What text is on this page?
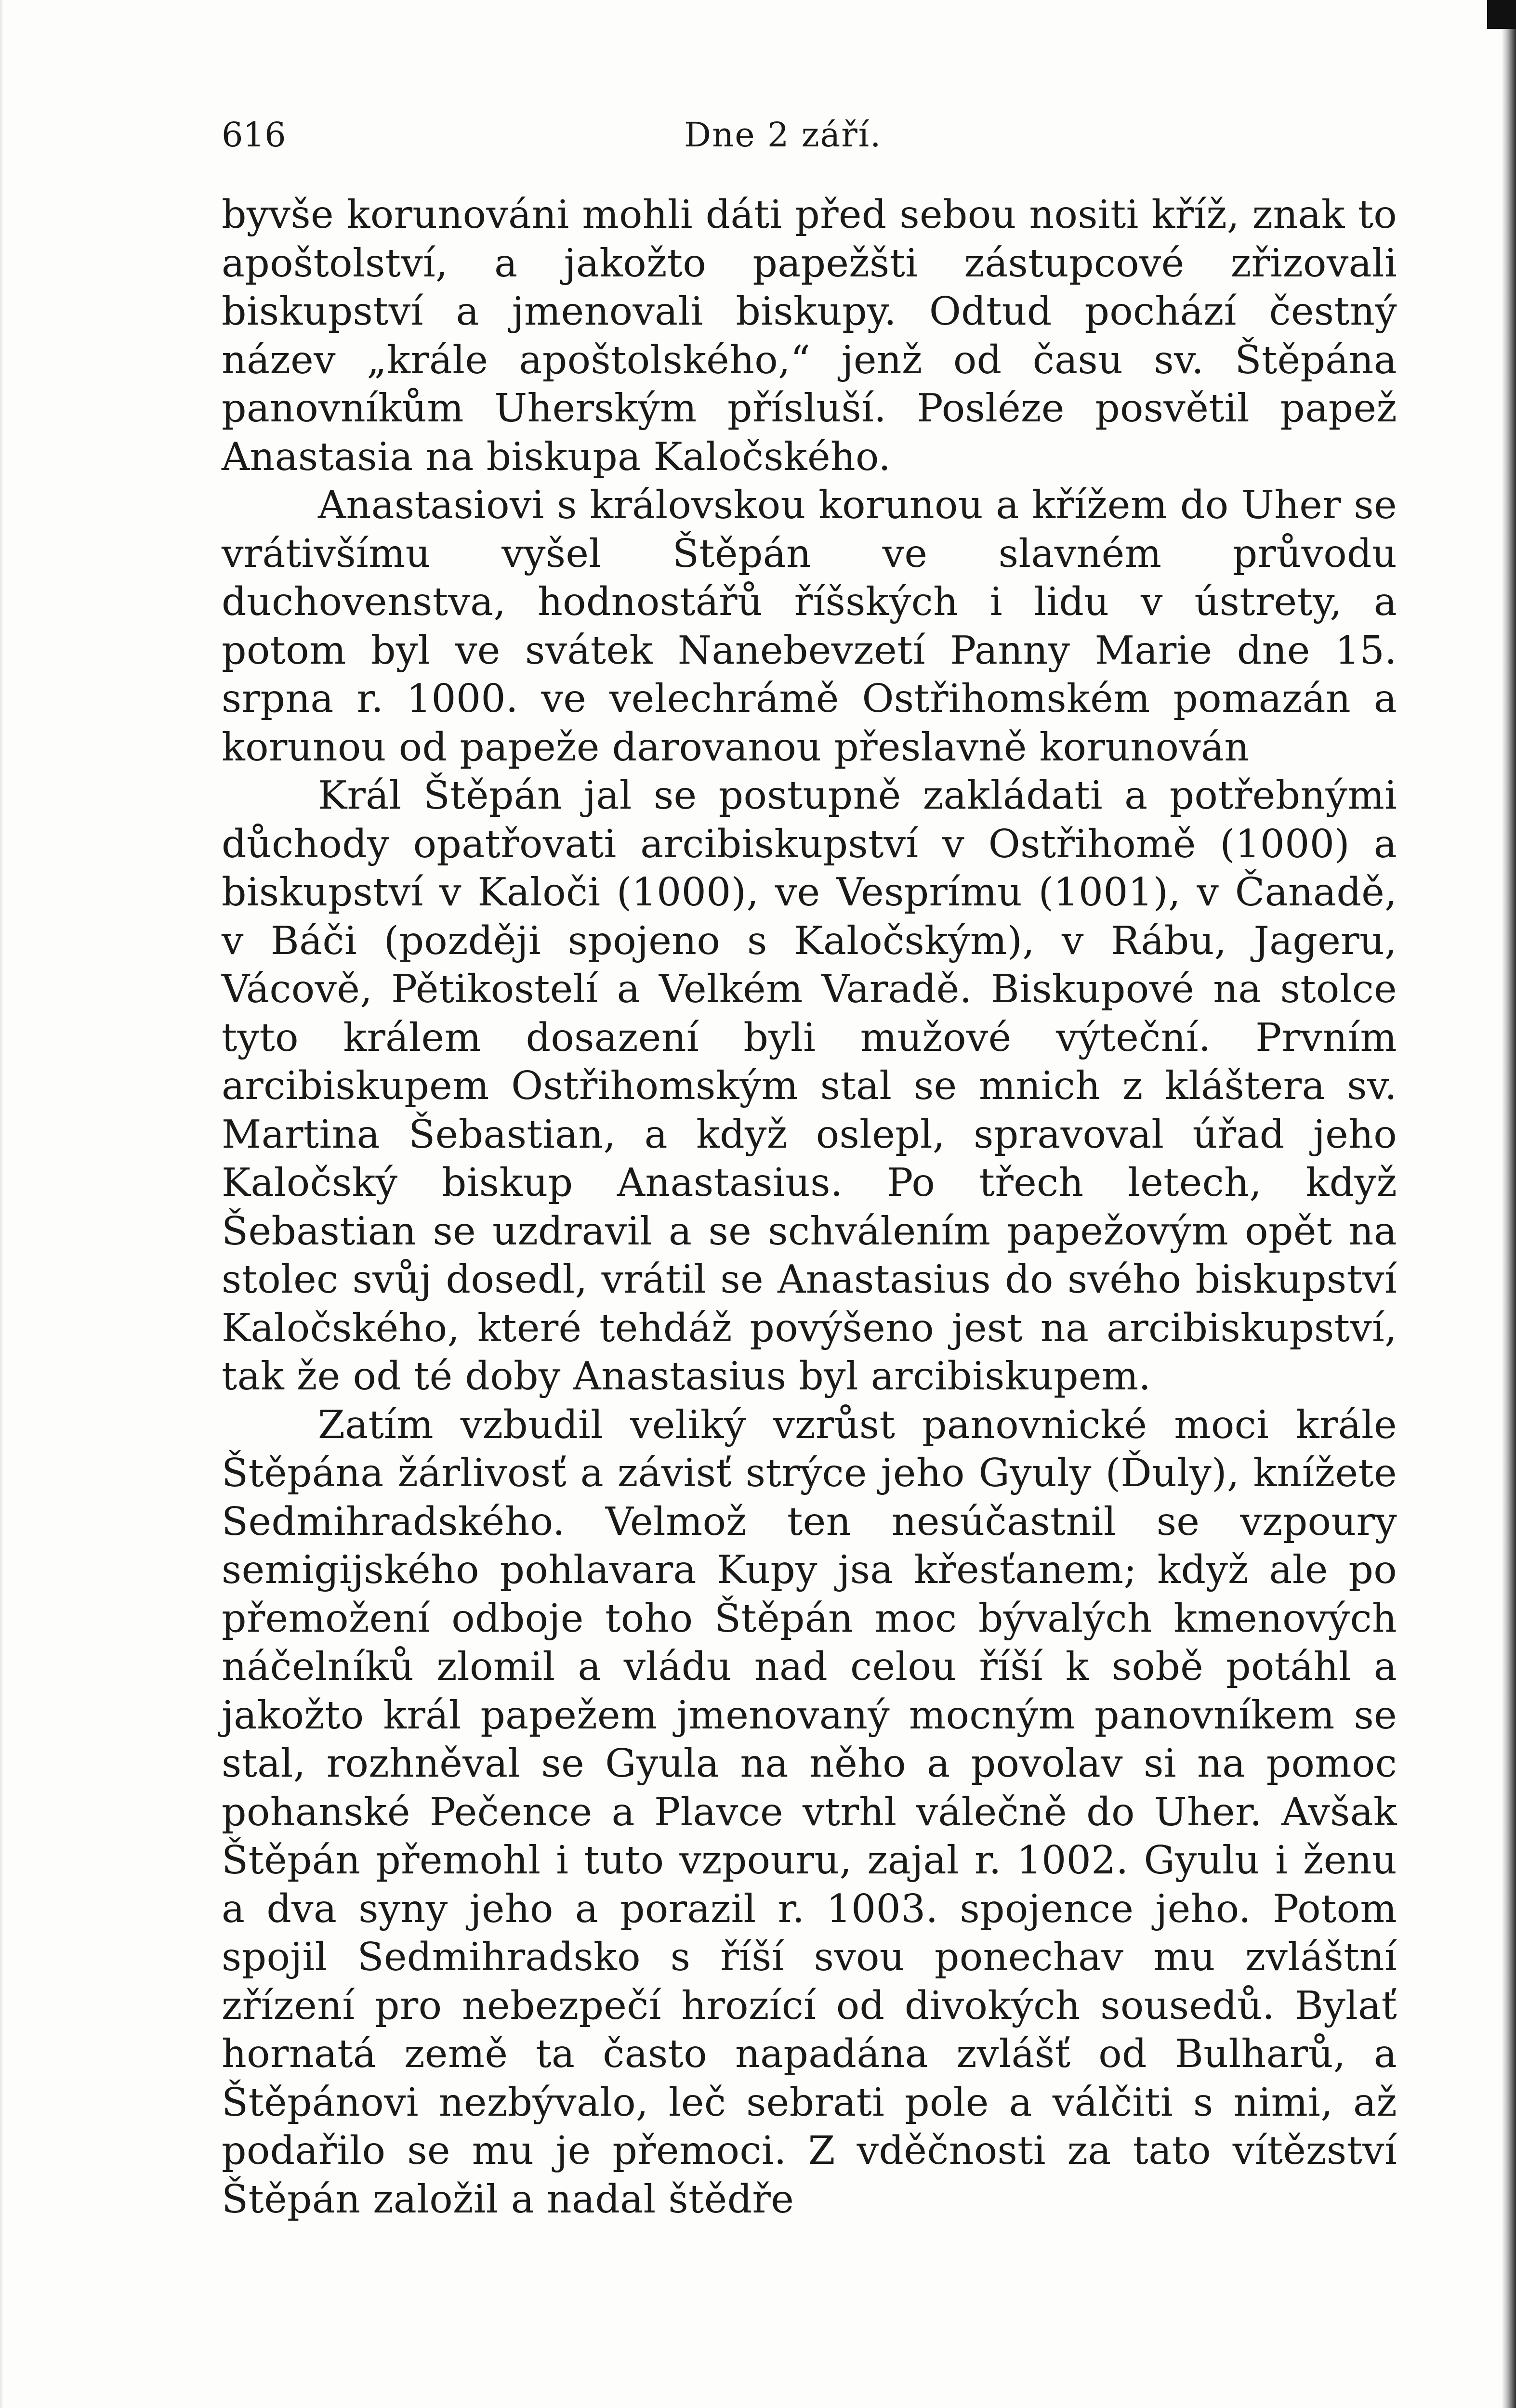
616	Dne 2 září.

byvše korunováni mohli dáti před sebou nositi kříž, znak to apoštolství, a jakožto papežšti zástupcové zřizovali biskupství a jmenovali biskupy. Odtud pochází čestný název „krále apoštolského,“ jenž od času sv. Štěpána panovníkům Uherským přísluší. Posléze posvětil papež Anastasia na biskupa Kaločského.

Anastasiovi s královskou korunou a křížem do Uher se vrátivšímu vyšel Štěpán ve slavném průvodu duchovenstva, hodnostářů říšských i lidu v ústrety, a potom byl ve svátek Nanebevzetí Panny Marie dne 15. srpna r. 1000. ve velechrámě Ostřihomském pomazán a korunou od papeže darovanou přeslavně korunován

Král Štěpán jal se postupně zakládati a potřebnými důchody opatřovati arcibiskupství v Ostřihomě (1000) a biskupství v Kaloči (1000), ve Vesprímu (1001), v Čanadě, v Báči (později spojeno s Kaločským), v Rábu, Jageru, Vácově, Pětikostelí a Velkém Varadě. Biskupové na stolce tyto králem dosazení byli mužové výteční. Prvním arcibiskupem Ostřihomským stal se mnich z kláštera sv. Martina Šebastian, a když oslepl, spravoval úřad jeho Kaločský biskup Anastasius. Po třech letech, když Šebastian se uzdravil a se schválením papežovým opět na stolec svůj dosedl, vrátil se Anastasius do svého biskupství Kaločského, které tehdáž povýšeno jest na arcibiskupství, tak že od té doby Anastasius byl arcibiskupem.

Zatím vzbudil veliký vzrůst panovnické moci krále Štěpána žárlivosť a závisť strýce jeho Gyuly (Ďuly), knížete Sedmihradského. Velmož ten nesúčastnil se vzpoury semigijského pohlavara Kupy jsa křesťanem; když ale po přemožení odboje toho Štěpán moc bývalých kmenových náčelníků zlomil a vládu nad celou říší k sobě potáhl a jakožto král papežem jmenovaný mocným panovníkem se stal, rozhněval se Gyula na něho a povolav si na pomoc pohanské Pečence a Plavce vtrhl válečně do Uher. Avšak Štěpán přemohl i tuto vzpouru, zajal r. 1002. Gyulu i ženu a dva syny jeho a porazil r. 1003. spojence jeho. Potom spojil Sedmihradsko s říší svou ponechav mu zvláštní zřízení pro nebezpečí hrozící od divokých sousedů. Bylať hornatá země ta často napadána zvlášť od Bulharů, a Štěpánovi nezbývalo, leč sebrati pole a válčiti s nimi, až podařilo se mu je přemoci. Z vděčnosti za tato vítězství Štěpán založil a nadal štědře
